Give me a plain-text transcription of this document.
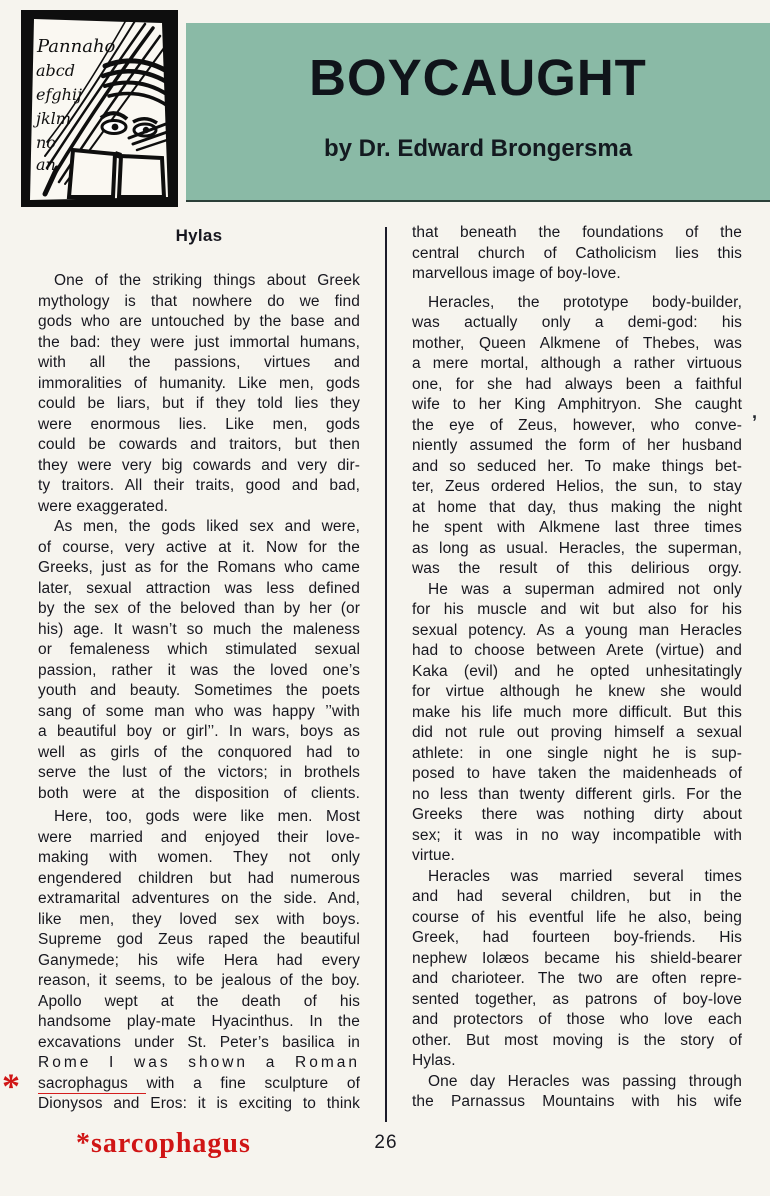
Pannaho
abcd
efghij
jklm
no
an
BOYCAUGHT
by Dr. Edward Brongersma
Hylas
One of the striking things about Greek
mythology is that nowhere do we find
gods who are untouched by the base and
the bad: they were just immortal humans,
with all the passions, virtues and
immoralities of humanity. Like men, gods
could be liars, but if they told lies they
were enormous lies. Like men, gods
could be cowards and traitors, but then
they were very big cowards and very dir-
ty traitors. All their traits, good and bad,
were exaggerated.
As men, the gods liked sex and were,
of course, very active at it. Now for the
Greeks, just as for the Romans who came
later, sexual attraction was less defined
by the sex of the beloved than by her (or
his) age. It wasn’t so much the maleness
or femaleness which stimulated sexual
passion, rather it was the loved one’s
youth and beauty. Sometimes the poets
sang of some man who was happy ’’with
a beautiful boy or girl’’. In wars, boys as
well as girls of the conquored had to
serve the lust of the victors; in brothels
both were at the disposition of clients.
Here, too, gods were like men. Most
were married and enjoyed their love-
making with women. They not only
engendered children but had numerous
extramarital adventures on the side. And,
like men, they loved sex with boys.
Supreme god Zeus raped the beautiful
Ganymede; his wife Hera had every
reason, it seems, to be jealous of the boy.
Apollo wept at the death of his
handsome play-mate Hyacinthus. In the
excavations under St. Peter’s basilica in
Rome I was shown a Roman
sacrophagus with a fine sculpture of
Dionysos and Eros: it is exciting to think
that beneath the foundations of the
central church of Catholicism lies this
marvellous image of boy-love.
Heracles, the prototype body-builder,
was actually only a demi-god: his
mother, Queen Alkmene of Thebes, was
a mere mortal, although a rather virtuous
one, for she had always been a faithful
wife to her King Amphitryon. She caught
the eye of Zeus, however, who conve-
niently assumed the form of her husband
and so seduced her. To make things bet-
ter, Zeus ordered Helios, the sun, to stay
at home that day, thus making the night
he spent with Alkmene last three times
as long as usual. Heracles, the superman,
was the result of this delirious orgy.
He was a superman admired not only
for his muscle and wit but also for his
sexual potency. As a young man Heracles
had to choose between Arete (virtue) and
Kaka (evil) and he opted unhesitatingly
for virtue although he knew she would
make his life much more difficult. But this
did not rule out proving himself a sexual
athlete: in one single night he is sup-
posed to have taken the maidenheads of
no less than twenty different girls. For the
Greeks there was nothing dirty about
sex; it was in no way incompatible with
virtue.
Heracles was married several times
and had several children, but in the
course of his eventful life he also, being
Greek, had fourteen boy-friends. His
nephew Iolæos became his shield-bearer
and charioteer. The two are often repre-
sented together, as patrons of boy-love
and protectors of those who love each
other. But most moving is the story of
Hylas.
One day Heracles was passing through
the Parnassus Mountains with his wife
*
,
*sarcophagus	26
